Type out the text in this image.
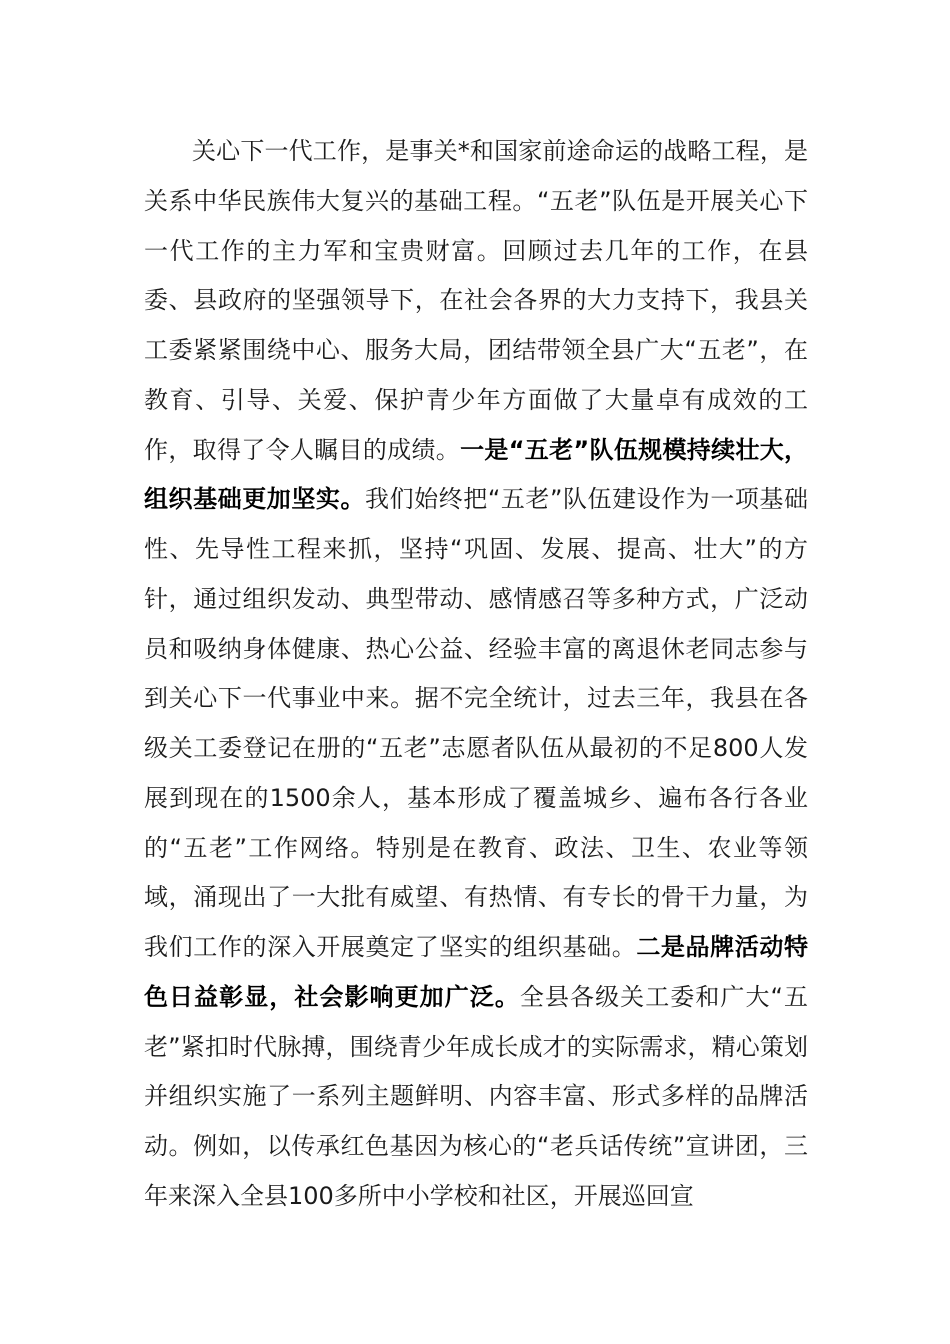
关心下一代工作，是事关*和国家前途命运的战略工程，是关系中华民族伟大复兴的基础工程。“五老”队伍是开展关心下一代工作的主力军和宝贵财富。回顾过去几年的工作，在县委、县政府的坚强领导下，在社会各界的大力支持下，我县关工委紧紧围绕中心、服务大局，团结带领全县广大“五老”，在教育、引导、关爱、保护青少年方面做了大量卓有成效的工作，取得了令人瞩目的成绩。一是“五老”队伍规模持续壮大，组织基础更加坚实。我们始终把“五老”队伍建设作为一项基础性、先导性工程来抓，坚持“巩固、发展、提高、壮大”的方针，通过组织发动、典型带动、感情感召等多种方式，广泛动员和吸纳身体健康、热心公益、经验丰富的离退休老同志参与到关心下一代事业中来。据不完全统计，过去三年，我县在各级关工委登记在册的“五老”志愿者队伍从最初的不足800人发展到现在的1500余人，基本形成了覆盖城乡、遍布各行各业的“五老”工作网络。特别是在教育、政法、卫生、农业等领域，涌现出了一大批有威望、有热情、有专长的骨干力量，为我们工作的深入开展奠定了坚实的组织基础。二是品牌活动特色日益彰显，社会影响更加广泛。全县各级关工委和广大“五老”紧扣时代脉搏，围绕青少年成长成才的实际需求，精心策划并组织实施了一系列主题鲜明、内容丰富、形式多样的品牌活动。例如，以传承红色基因为核心的“老兵话传统”宣讲团，三年来深入全县100多所中小学校和社区，开展巡回宣
